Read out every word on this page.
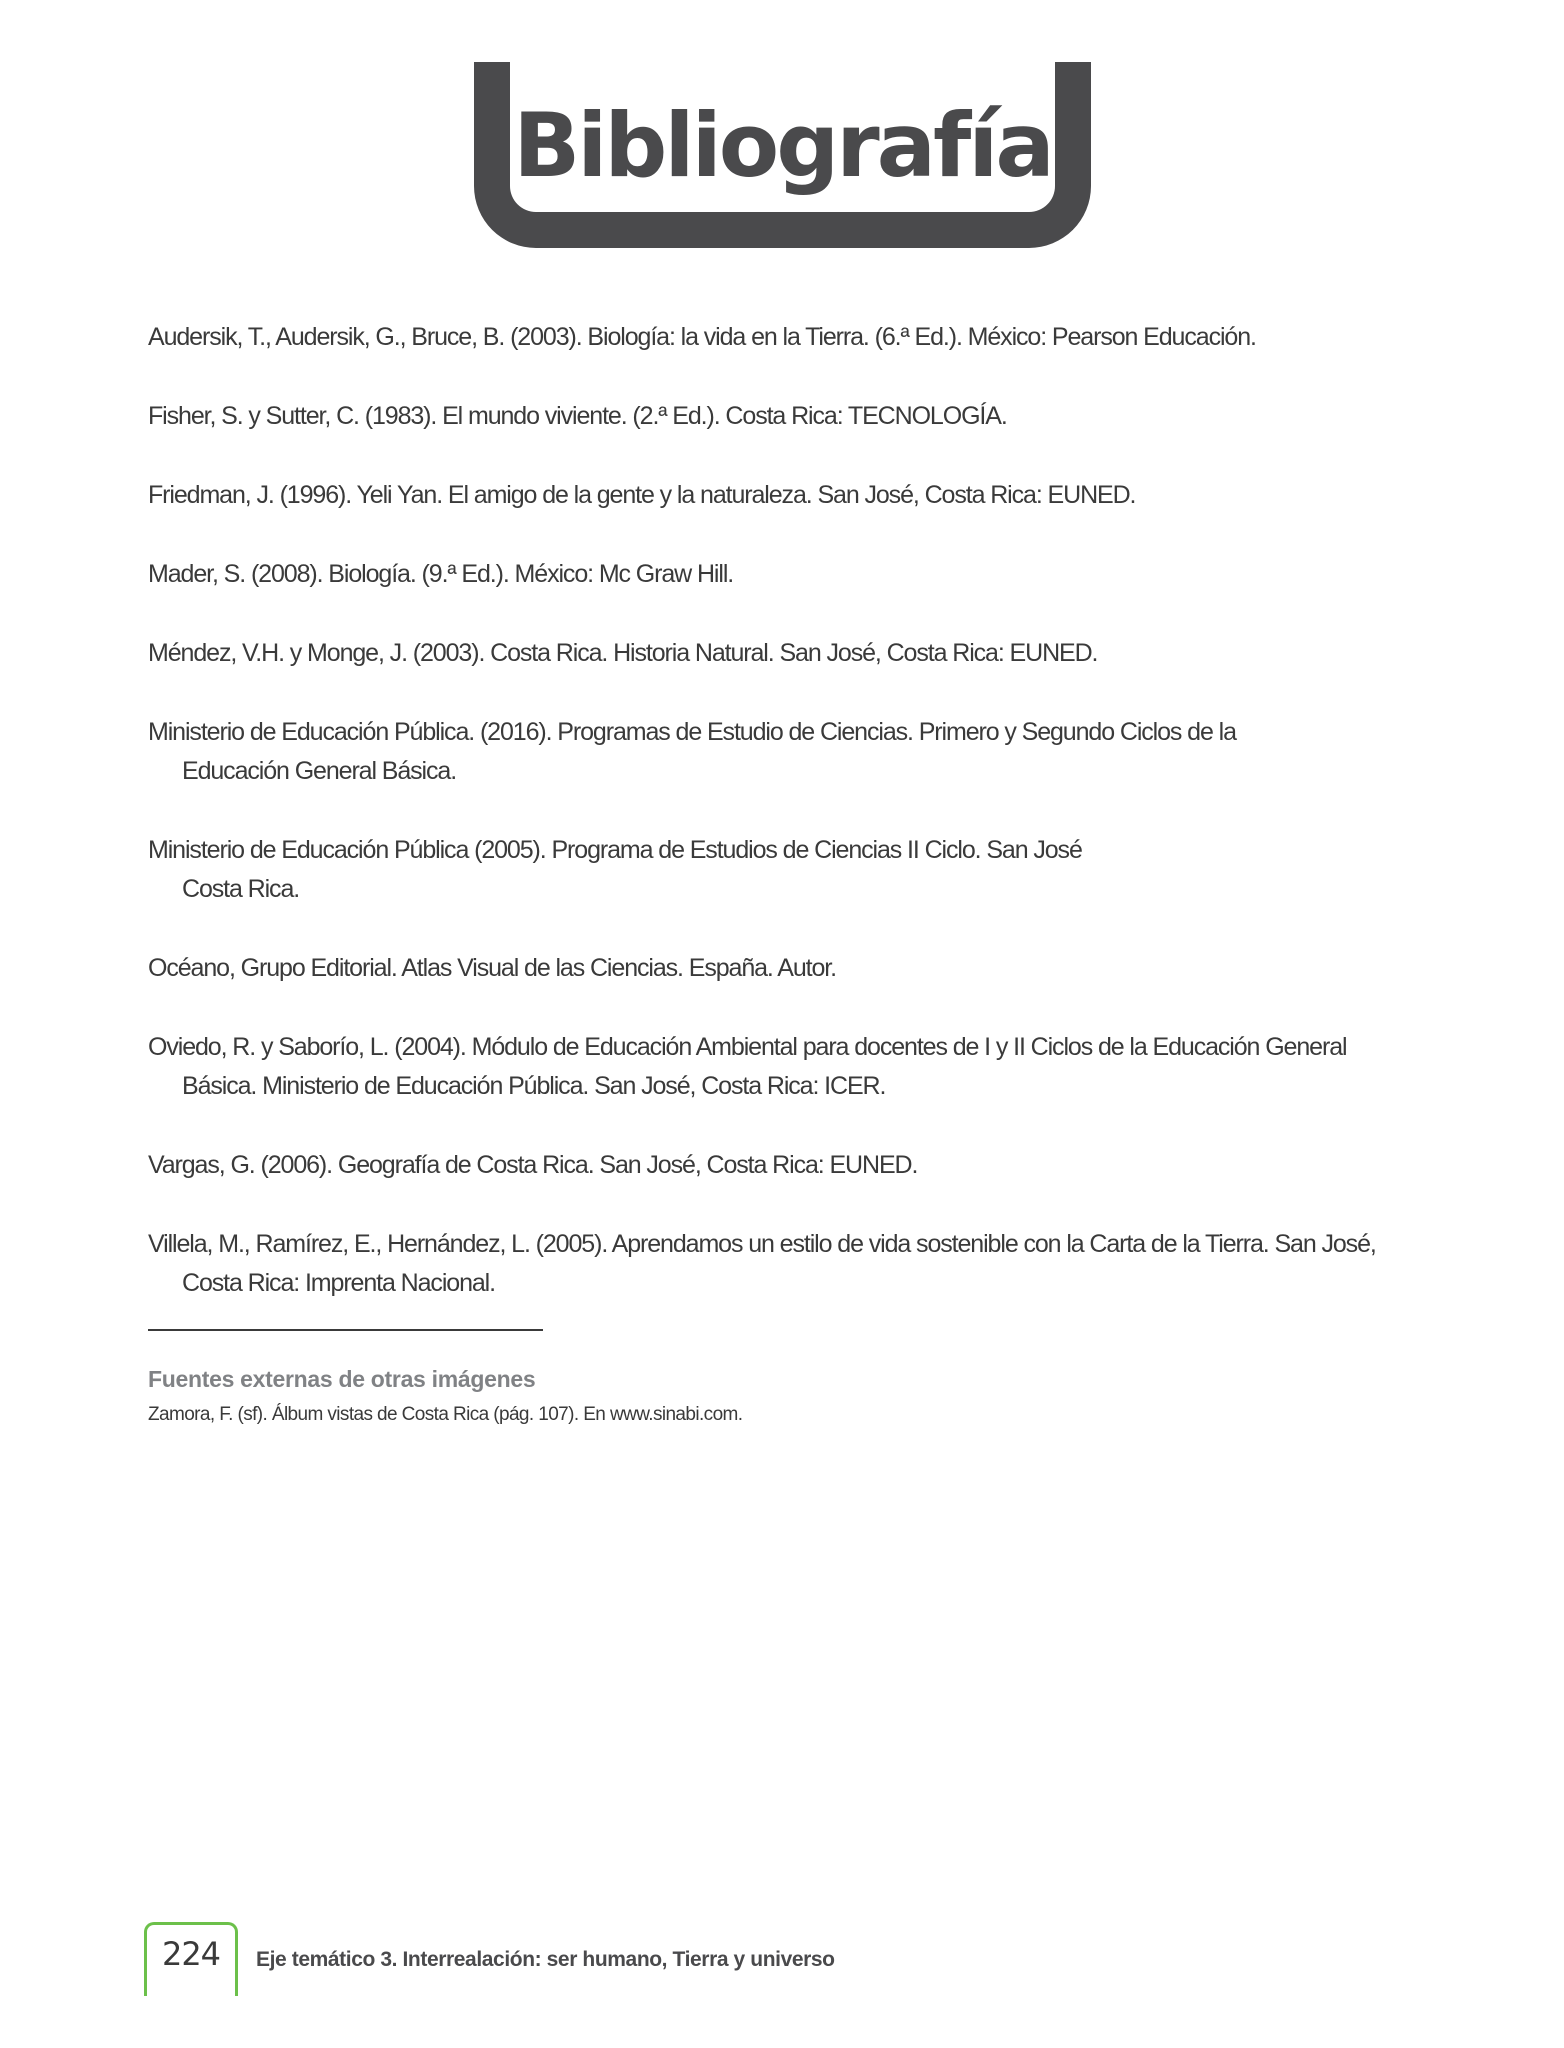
Bibliografía

Audersik, T., Audersik, G., Bruce, B. (2003). Biología: la vida en la Tierra. (6.ª Ed.). México: Pearson Educación.

Fisher, S. y Sutter, C. (1983). El mundo viviente. (2.ª Ed.). Costa Rica: TECNOLOGÍA.

Friedman, J. (1996). Yeli Yan. El amigo de la gente y la naturaleza. San José, Costa Rica: EUNED.

Mader, S. (2008). Biología. (9.ª Ed.). México: Mc Graw Hill.

Méndez, V.H. y Monge, J. (2003). Costa Rica. Historia Natural. San José, Costa Rica: EUNED.

Ministerio de Educación Pública. (2016). Programas de Estudio de Ciencias. Primero y Segundo Ciclos de la Educación General Básica.

Ministerio de Educación Pública (2005). Programa de Estudios de Ciencias II Ciclo. San José
Costa Rica.

Océano, Grupo Editorial. Atlas Visual de las Ciencias. España. Autor.

Oviedo, R. y Saborío, L. (2004). Módulo de Educación Ambiental para docentes de I y II Ciclos de la Educación General Básica. Ministerio de Educación Pública. San José, Costa Rica: ICER.

Vargas, G. (2006). Geografía de Costa Rica. San José, Costa Rica: EUNED.

Villela, M., Ramírez, E., Hernández, L. (2005). Aprendamos un estilo de vida sostenible con la Carta de la Tierra. San José, Costa Rica: Imprenta Nacional.

Fuentes externas de otras imágenes
Zamora, F. (sf). Álbum vistas de Costa Rica (pág. 107). En www.sinabi.com.
224	Eje temático 3. Interrealación: ser humano, Tierra y universo
